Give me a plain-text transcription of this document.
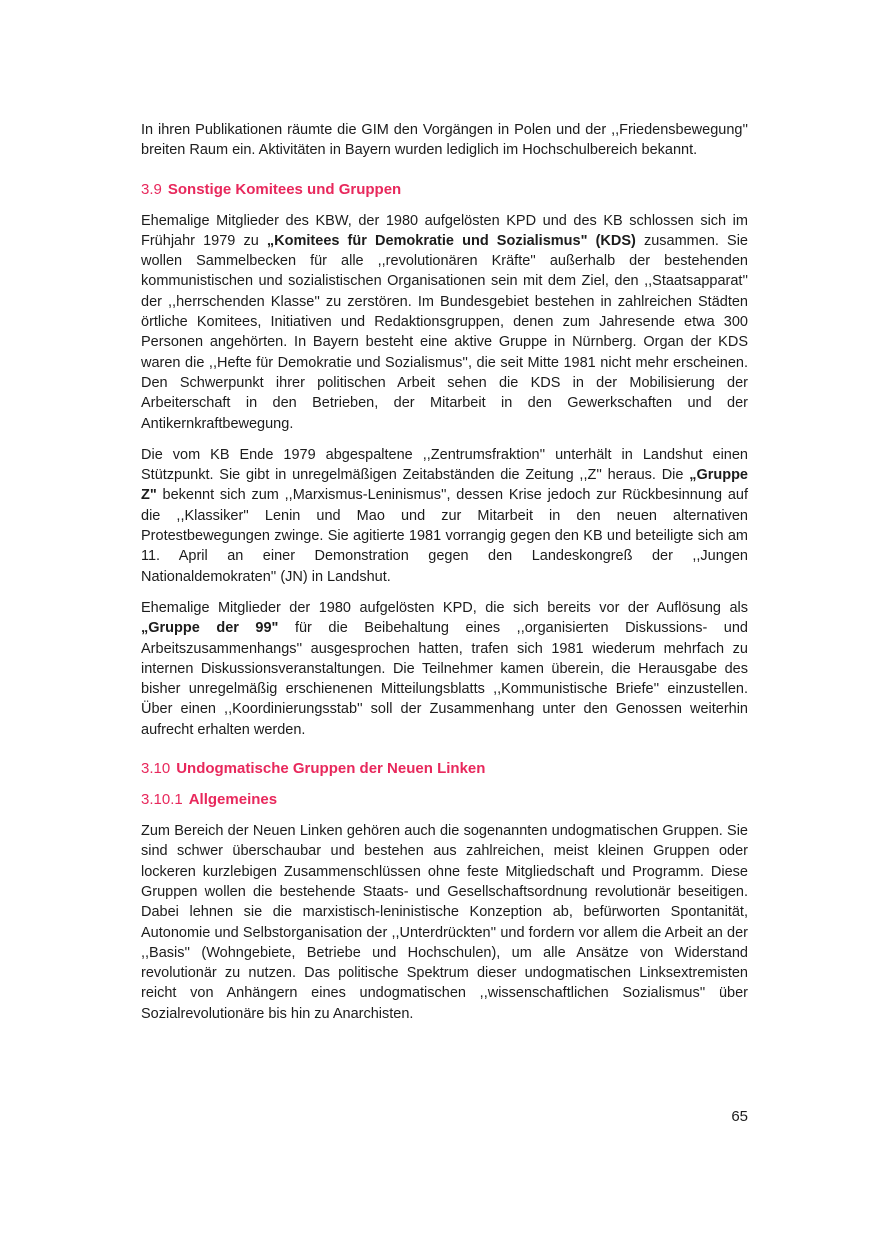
In ihren Publikationen räumte die GIM den Vorgängen in Polen und der ,,Friedensbewegung'' breiten Raum ein. Aktivitäten in Bayern wurden lediglich im Hochschulbereich bekannt.

3.9 Sonstige Komitees und Gruppen

Ehemalige Mitglieder des KBW, der 1980 aufgelösten KPD und des KB schlossen sich im Frühjahr 1979 zu „Komitees für Demokratie und Sozialismus" (KDS) zusammen. Sie wollen Sammelbecken für alle ,,revolutionären Kräfte'' außerhalb der bestehenden kommunistischen und sozialistischen Organisationen sein mit dem Ziel, den ,,Staatsapparat'' der ,,herrschenden Klasse'' zu zerstören. Im Bundesgebiet bestehen in zahlreichen Städten örtliche Komitees, Initiativen und Redaktionsgruppen, denen zum Jahresende etwa 300 Personen angehörten. In Bayern besteht eine aktive Gruppe in Nürnberg. Organ der KDS waren die ,,Hefte für Demokratie und Sozialismus'', die seit Mitte 1981 nicht mehr erscheinen. Den Schwerpunkt ihrer politischen Arbeit sehen die KDS in der Mobilisierung der Arbeiterschaft in den Betrieben, der Mitarbeit in den Gewerkschaften und der Antikernkraftbewegung.

Die vom KB Ende 1979 abgespaltene ,,Zentrumsfraktion'' unterhält in Landshut einen Stützpunkt. Sie gibt in unregelmäßigen Zeitabständen die Zeitung ,,Z'' heraus. Die „Gruppe Z" bekennt sich zum ,,Marxismus-Leninismus'', dessen Krise jedoch zur Rückbesinnung auf die ,,Klassiker'' Lenin und Mao und zur Mitarbeit in den neuen alternativen Protestbewegungen zwinge. Sie agitierte 1981 vorrangig gegen den KB und beteiligte sich am 11. April an einer Demonstration gegen den Landeskongreß der ,,Jungen Nationaldemokraten'' (JN) in Landshut.

Ehemalige Mitglieder der 1980 aufgelösten KPD, die sich bereits vor der Auflösung als „Gruppe der 99" für die Beibehaltung eines ,,organisierten Diskussions- und Arbeitszusammenhangs'' ausgesprochen hatten, trafen sich 1981 wiederum mehrfach zu internen Diskussionsveranstaltungen. Die Teilnehmer kamen überein, die Herausgabe des bisher unregelmäßig erschienenen Mitteilungsblatts ,,Kommunistische Briefe'' einzustellen. Über einen ,,Koordinierungsstab'' soll der Zusammenhang unter den Genossen weiterhin aufrecht erhalten werden.

3.10 Undogmatische Gruppen der Neuen Linken
3.10.1 Allgemeines

Zum Bereich der Neuen Linken gehören auch die sogenannten undogmatischen Gruppen. Sie sind schwer überschaubar und bestehen aus zahlreichen, meist kleinen Gruppen oder lockeren kurzlebigen Zusammenschlüssen ohne feste Mitgliedschaft und Programm. Diese Gruppen wollen die bestehende Staats- und Gesellschaftsordnung revolutionär beseitigen. Dabei lehnen sie die marxistisch-leninistische Konzeption ab, befürworten Spontanität, Autonomie und Selbstorganisation der ,,Unterdrückten'' und fordern vor allem die Arbeit an der ,,Basis'' (Wohngebiete, Betriebe und Hochschulen), um alle Ansätze von Widerstand revolutionär zu nutzen. Das politische Spektrum dieser undogmatischen Linksextremisten reicht von Anhängern eines undogmatischen ,,wissenschaftlichen Sozialismus'' über Sozialrevolutionäre bis hin zu Anarchisten.

65
